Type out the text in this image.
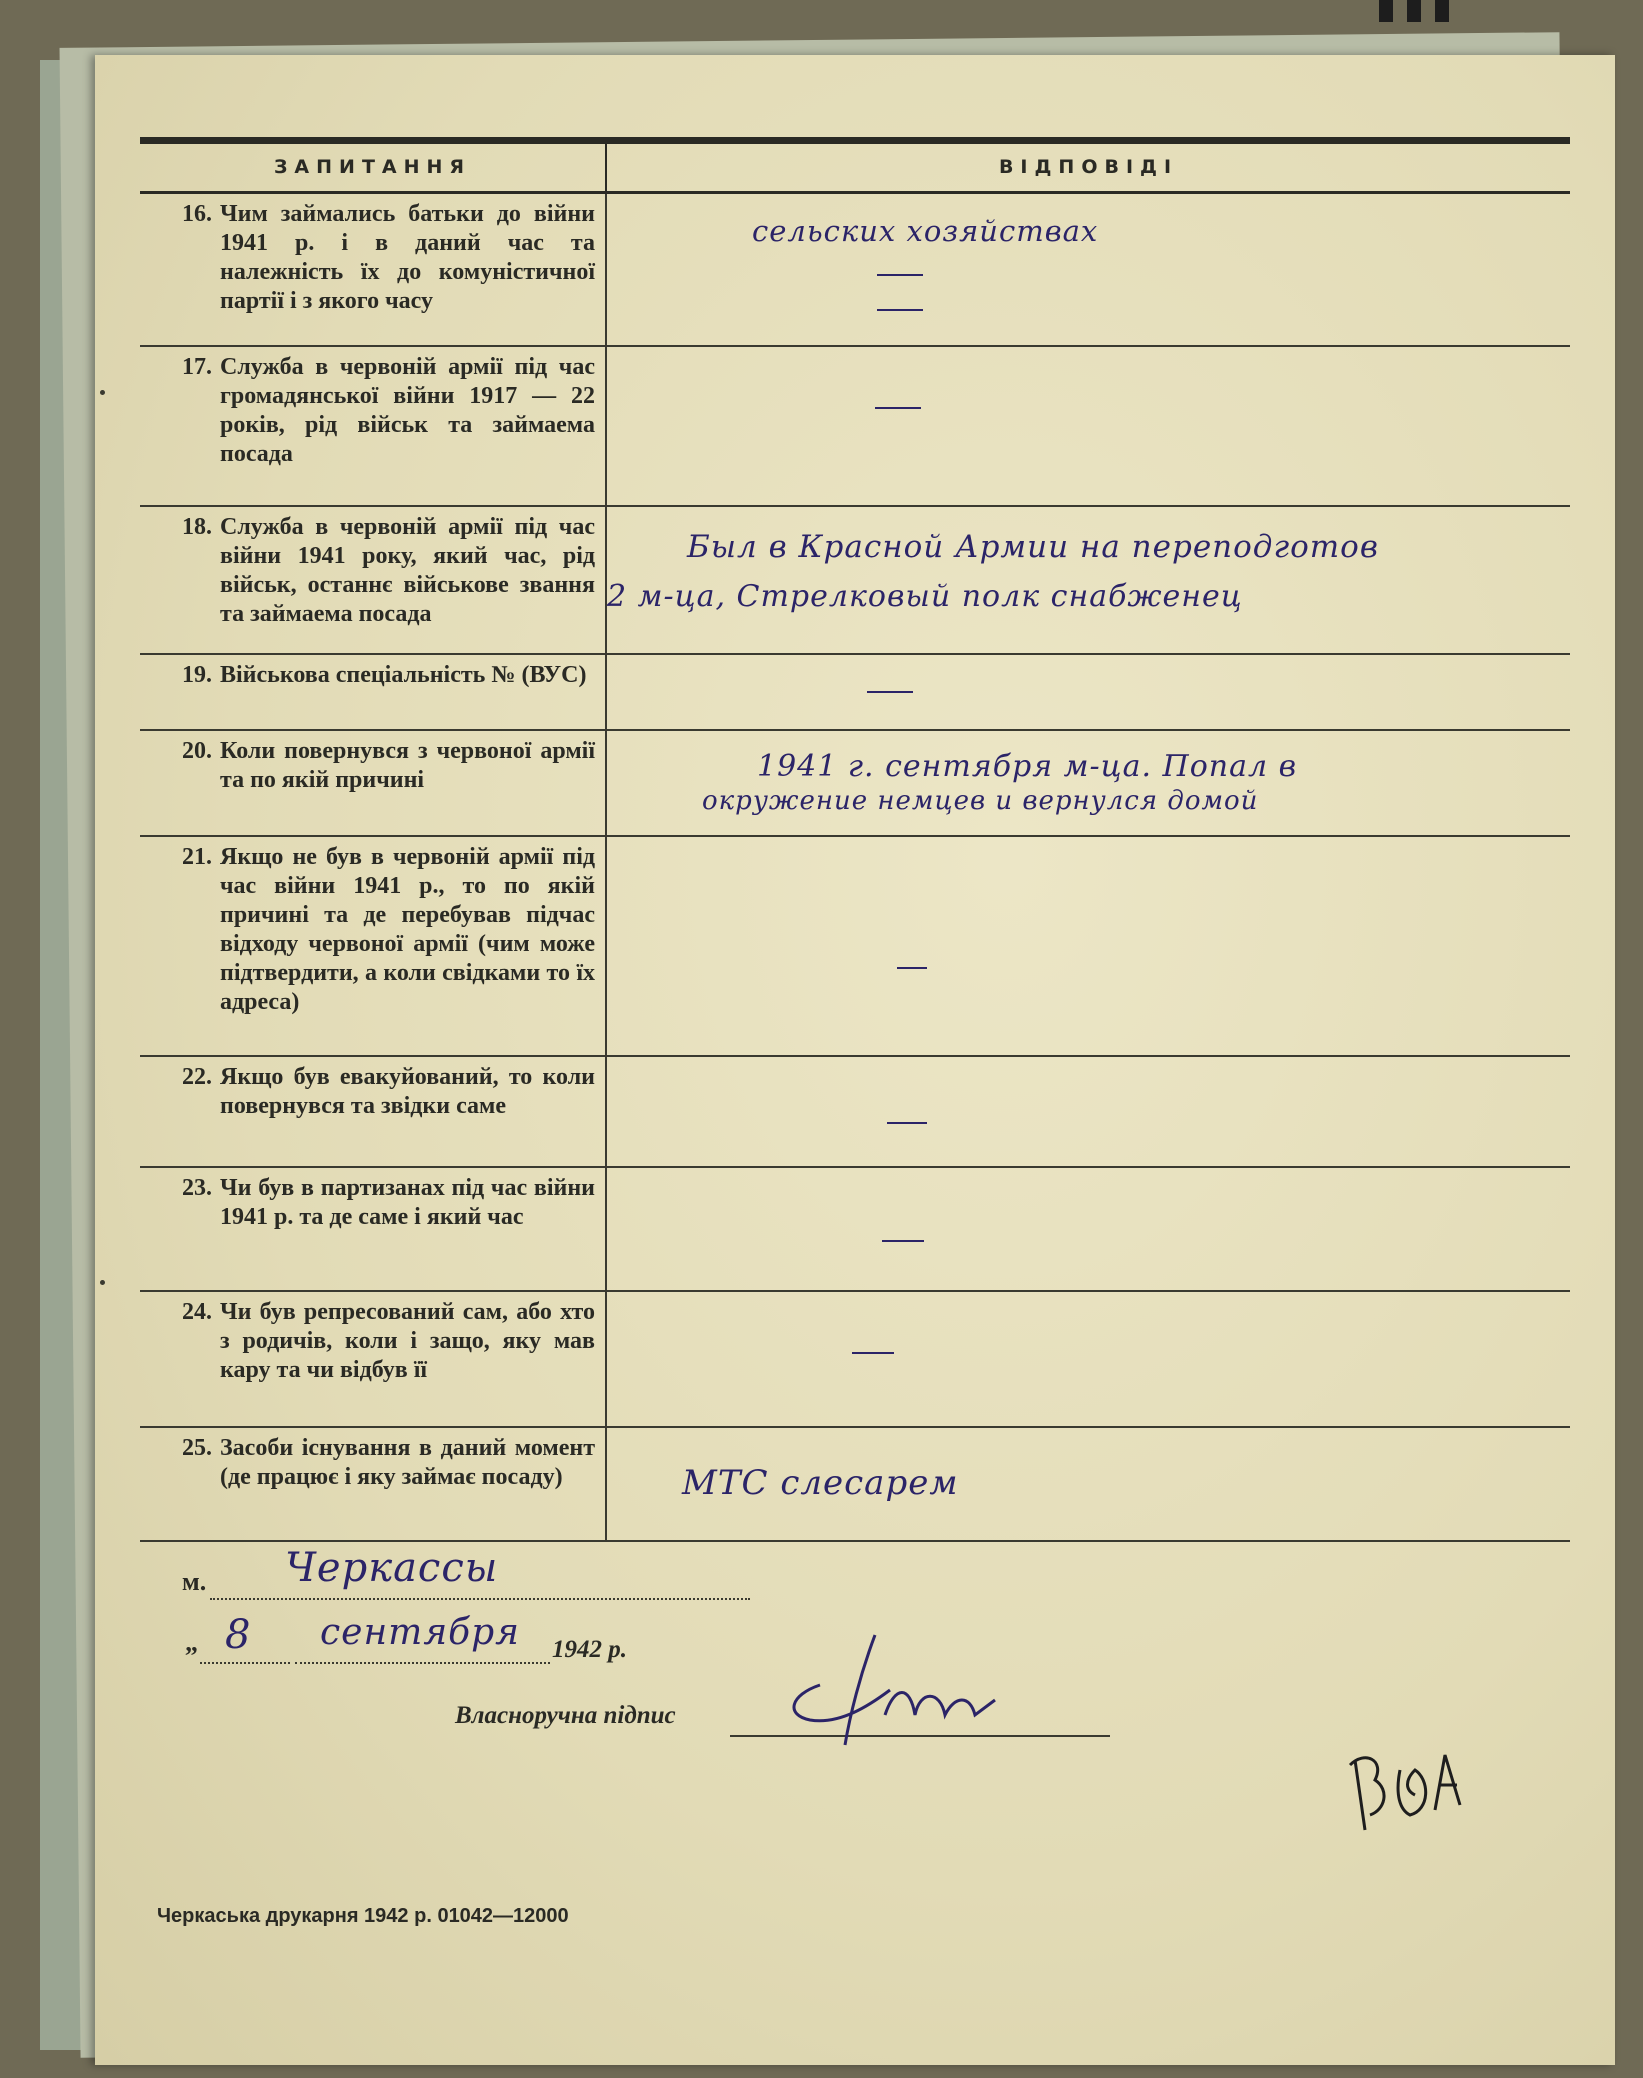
ЗАПИТАННЯ	ВІДПОВІДІ

16. Чим займались батьки до війни 1941 р. і в даний час та належність їх до комуністичної партії і з якого часу	сельских хозяйствах

17. Служба в червоній армії під час громадянської війни 1917 — 22 років, рід військ та займаема посада	

18. Служба в червоній армії під час війни 1941 року, який час, рід військ, останнє військове звання та займаема посада	Был в Красной Армии на переподготов
2 м-ца, Стрелковый полк снабженец

19. Військова спеціальність № (ВУС)	

20. Коли повернувся з червоної армії та по якій причині	1941 г. сентября м-ца. Попал в
окружение немцев и вернулся домой

21. Якщо не був в червоній армії під час війни 1941 р., то по якій причині та де перебував підчас відходу червоної армії (чим може підтвердити, а коли свідками то їх адреса)	

22. Якщо був евакуйований, то коли повернувся та звідки саме	

23. Чи був в партизанах під час війни 1941 р. та де саме і який час	

24. Чи був репресований сам, або хто з родичів, коли і защо, яку мав кару та чи відбув її	

25. Засоби існування в даний момент (де працює і яку займає посаду)	МТС слесарем
м. Черкассы
„ 8 сентября 1942 р.
Власноручна підпис
Черкаська друкарня 1942 р. 01042—12000
